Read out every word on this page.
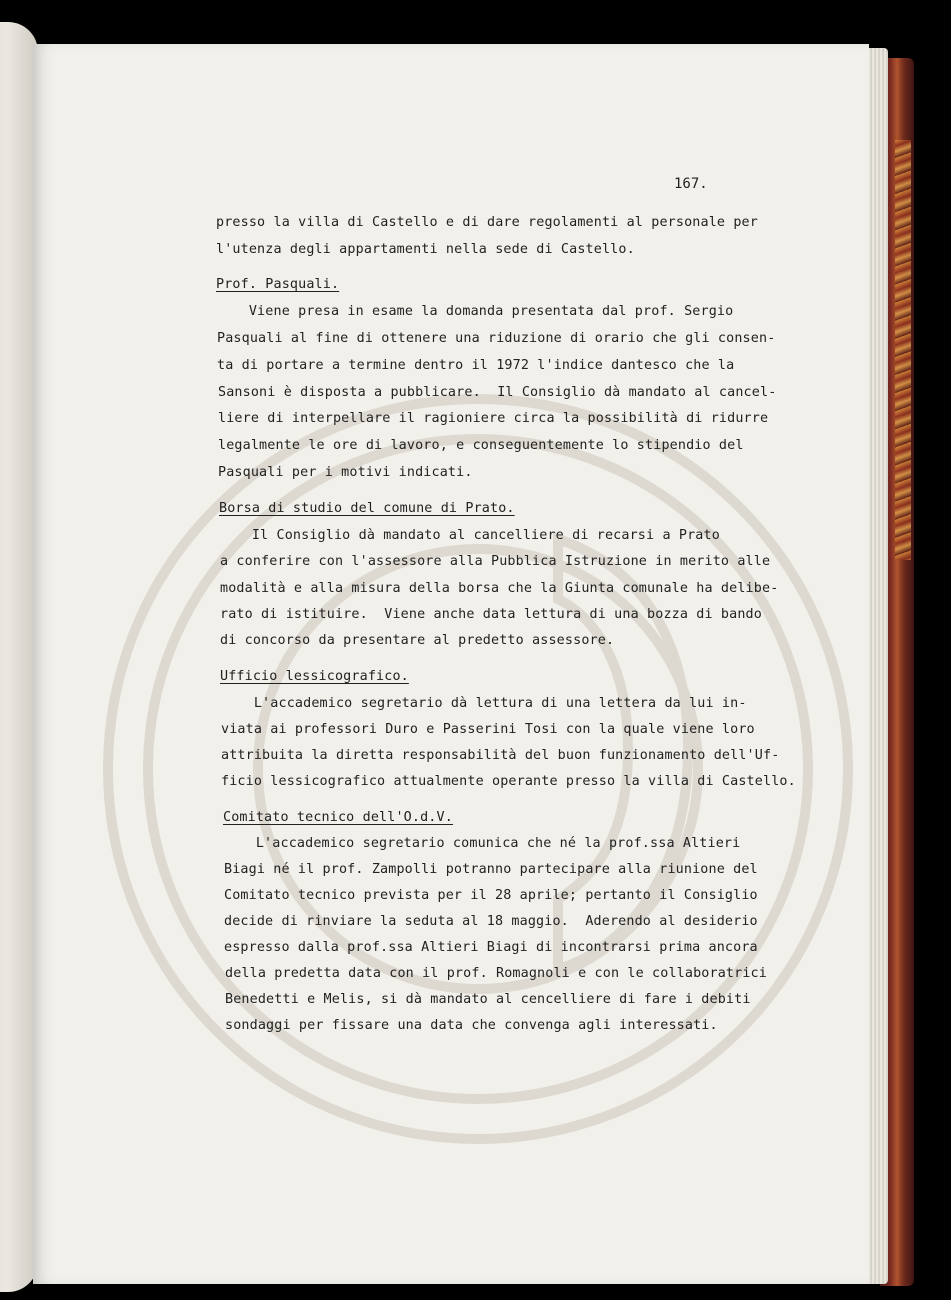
167.
presso la villa di Castello e di dare regolamenti al personale per
l'utenza degli appartamenti nella sede di Castello.
Prof. Pasquali.
Viene presa in esame la domanda presentata dal prof. Sergio
Pasquali al fine di ottenere una riduzione di orario che gli consen-
ta di portare a termine dentro il 1972 l'indice dantesco che la
Sansoni è disposta a pubblicare.  Il Consiglio dà mandato al cancel-
liere di interpellare il ragioniere circa la possibilità di ridurre
legalmente le ore di lavoro, e conseguentemente lo stipendio del
Pasquali per i motivi indicati.
Borsa di studio del comune di Prato.
Il Consiglio dà mandato al cancelliere di recarsi a Prato
a conferire con l'assessore alla Pubblica Istruzione in merito alle
modalità e alla misura della borsa che la Giunta comunale ha delibe-
rato di istituire.  Viene anche data lettura di una bozza di bando
di concorso da presentare al predetto assessore.
Ufficio lessicografico.
L'accademico segretario dà lettura di una lettera da lui in-
viata ai professori Duro e Passerini Tosi con la quale viene loro
attribuita la diretta responsabilità del buon funzionamento dell'Uf-
ficio lessicografico attualmente operante presso la villa di Castello.
Comitato tecnico dell'O.d.V.
L'accademico segretario comunica che né la prof.ssa Altieri
Biagi né il prof. Zampolli potranno partecipare alla riunione del
Comitato tecnico prevista per il 28 aprile; pertanto il Consiglio
decide di rinviare la seduta al 18 maggio.  Aderendo al desiderio
espresso dalla prof.ssa Altieri Biagi di incontrarsi prima ancora
della predetta data con il prof. Romagnoli e con le collaboratrici
Benedetti e Melis, si dà mandato al cencelliere di fare i debiti
sondaggi per fissare una data che convenga agli interessati.
